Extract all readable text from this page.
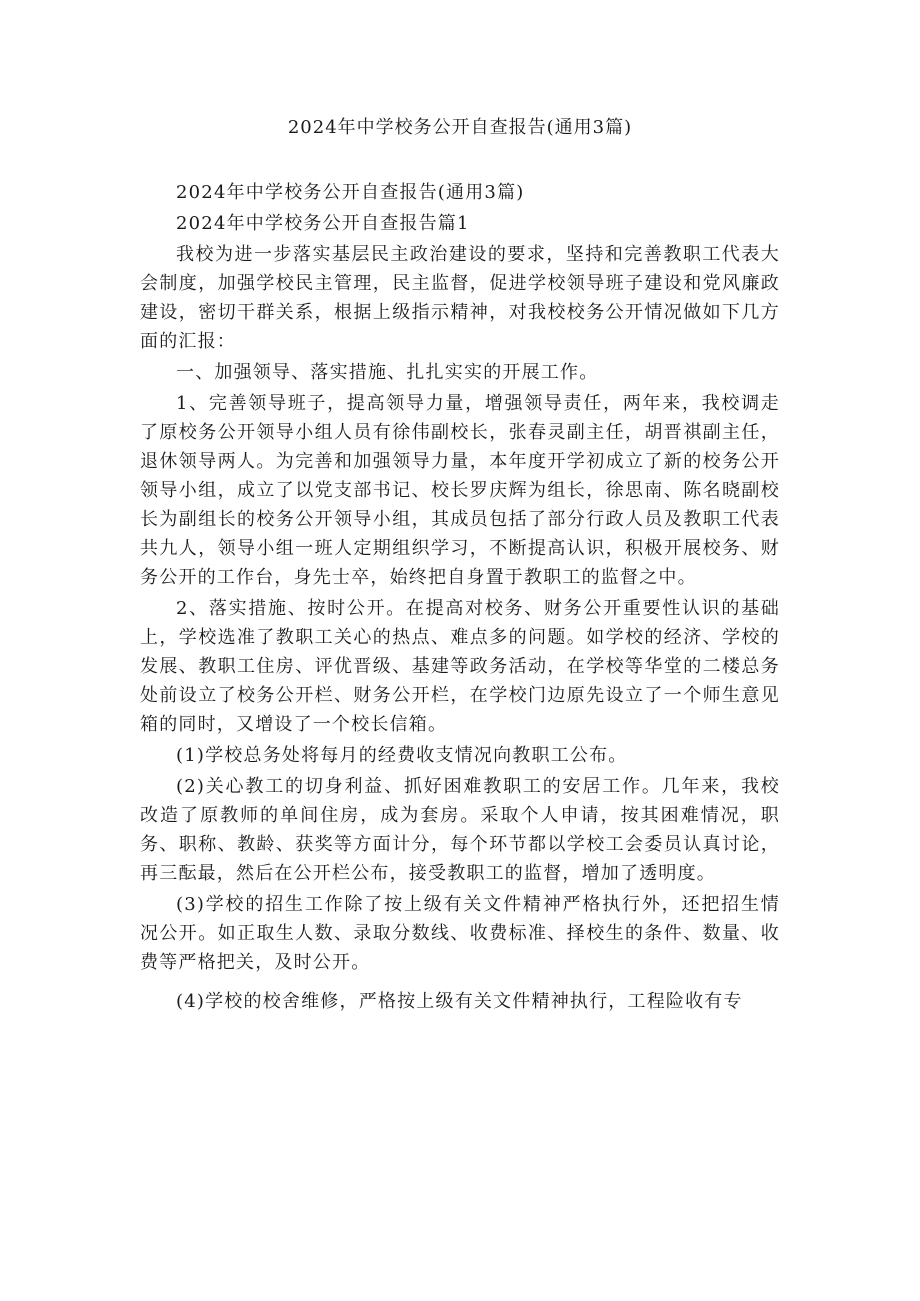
2024年中学校务公开自查报告(通用3篇)

2024年中学校务公开自查报告(通用3篇)

2024年中学校务公开自查报告篇1

我校为进一步落实基层民主政治建设的要求，坚持和完善教职工代表大会制度，加强学校民主管理，民主监督，促进学校领导班子建设和党风廉政建设，密切干群关系，根据上级指示精神，对我校校务公开情况做如下几方面的汇报：

一、加强领导、落实措施、扎扎实实的开展工作。

1、完善领导班子，提高领导力量，增强领导责任，两年来，我校调走了原校务公开领导小组人员有徐伟副校长，张春灵副主任，胡晋祺副主任，退休领导两人。为完善和加强领导力量，本年度开学初成立了新的校务公开领导小组，成立了以党支部书记、校长罗庆辉为组长，徐思南、陈名晓副校长为副组长的校务公开领导小组，其成员包括了部分行政人员及教职工代表共九人，领导小组一班人定期组织学习，不断提高认识，积极开展校务、财务公开的工作台，身先士卒，始终把自身置于教职工的监督之中。

2、落实措施、按时公开。在提高对校务、财务公开重要性认识的基础上，学校选准了教职工关心的热点、难点多的问题。如学校的经济、学校的发展、教职工住房、评优晋级、基建等政务活动，在学校等华堂的二楼总务处前设立了校务公开栏、财务公开栏，在学校门边原先设立了一个师生意见箱的同时，又增设了一个校长信箱。

(1)学校总务处将每月的经费收支情况向教职工公布。

(2)关心教工的切身利益、抓好困难教职工的安居工作。几年来，我校改造了原教师的单间住房，成为套房。采取个人申请，按其困难情况，职务、职称、教龄、获奖等方面计分，每个环节都以学校工会委员认真讨论，再三酝最，然后在公开栏公布，接受教职工的监督，增加了透明度。

(3)学校的招生工作除了按上级有关文件精神严格执行外，还把招生情况公开。如正取生人数、录取分数线、收费标准、择校生的条件、数量、收费等严格把关，及时公开。

(4)学校的校舍维修，严格按上级有关文件精神执行，工程险收有专
